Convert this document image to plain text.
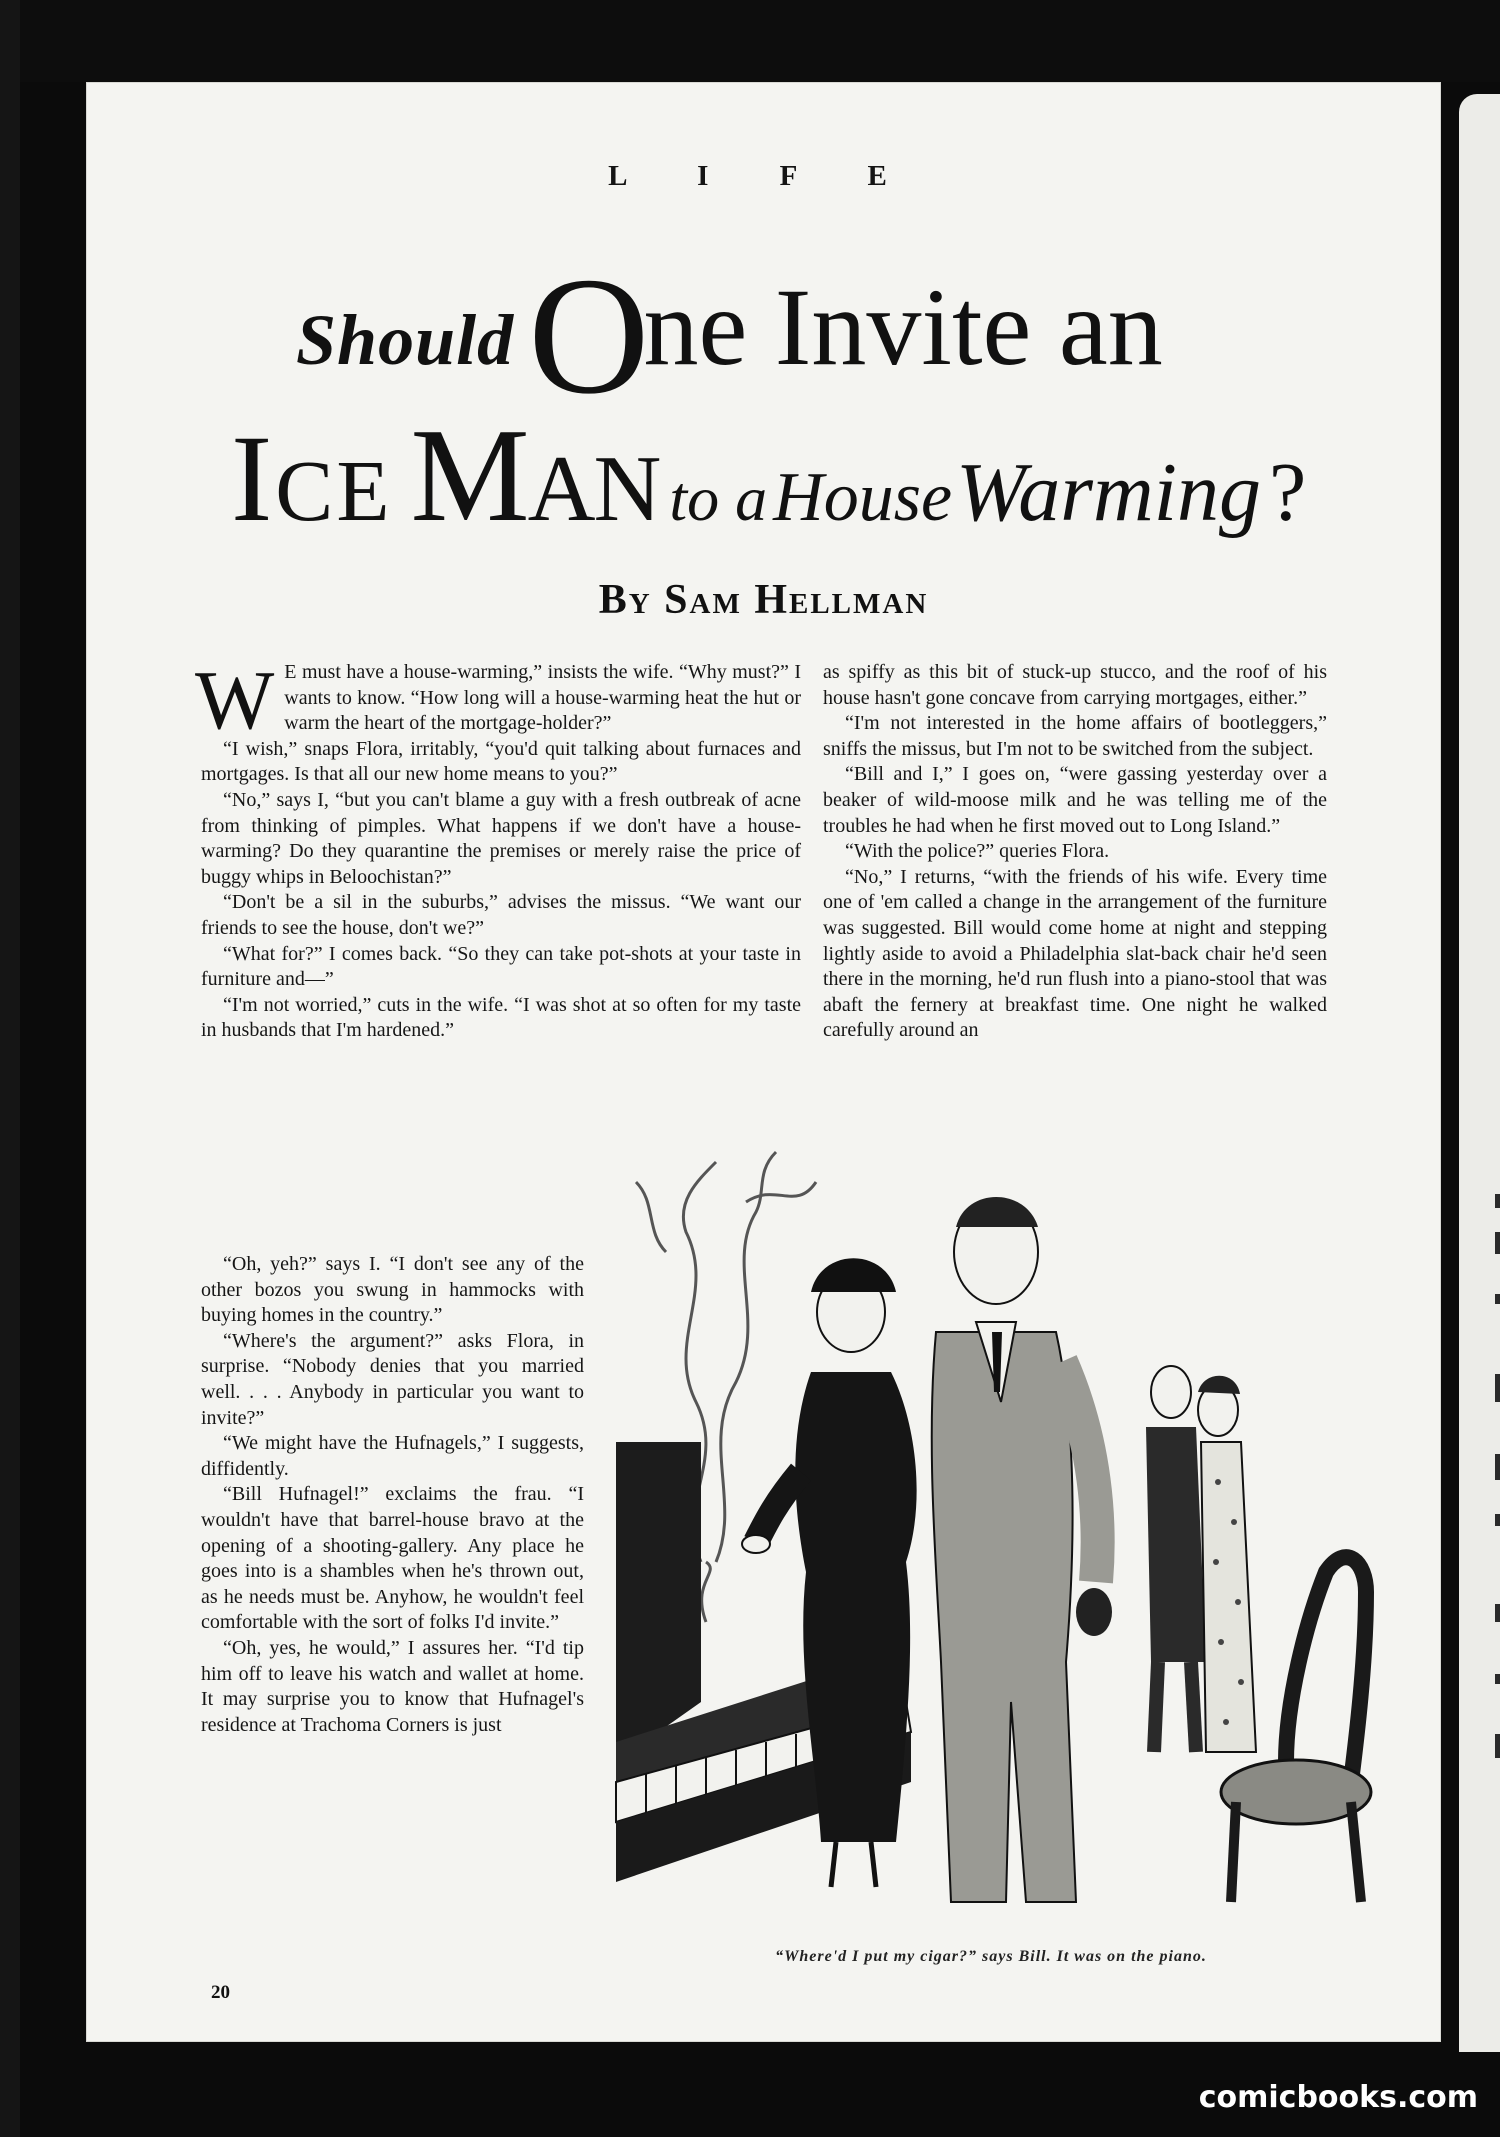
L I F E
ShouldOne Invite an
Ice Man to aHouseWarming?
By Sam Hellman

W E must have a house-warming,” insists the wife. “Why must?” I wants to know. “How long will a house-warming heat the hut or warm the heart of the mortgage-holder?”

“I wish,” snaps Flora, irritably, “you'd quit talking about furnaces and mortgages. Is that all our new home means to you?”

“No,” says I, “but you can't blame a guy with a fresh outbreak of acne from thinking of pimples. What happens if we don't have a house-warming? Do they quarantine the premises or merely raise the price of buggy whips in Beloochistan?”

“Don't be a sil in the suburbs,” advises the missus. “We want our friends to see the house, don't we?”

“What for?” I comes back. “So they can take pot-shots at your taste in furniture and—”

“I'm not worried,” cuts in the wife. “I was shot at so often for my taste in husbands that I'm hardened.”

“Oh, yeh?” says I. “I don't see any of the other bozos you swung in hammocks with buying homes in the country.”

“Where's the argument?” asks Flora, in surprise. “Nobody denies that you married well. . . . Anybody in particular you want to invite?”

“We might have the Hufnagels,” I suggests, diffidently.

“Bill Hufnagel!” exclaims the frau. “I wouldn't have that barrel-house bravo at the opening of a shooting-gallery. Any place he goes into is a shambles when he's thrown out, as he needs must be. Anyhow, he wouldn't feel comfortable with the sort of folks I'd invite.”

“Oh, yes, he would,” I assures her. “I'd tip him off to leave his watch and wallet at home. It may surprise you to know that Hufnagel's residence at Trachoma Corners is just

as spiffy as this bit of stuck-up stucco, and the roof of his house hasn't gone concave from carrying mortgages, either.”

“I'm not interested in the home affairs of bootleggers,” sniffs the missus, but I'm not to be switched from the subject.

“Bill and I,” I goes on, “were gassing yesterday over a beaker of wild-moose milk and he was telling me of the troubles he had when he first moved out to Long Island.”

“With the police?” queries Flora.

“No,” I returns, “with the friends of his wife. Every time one of 'em called a change in the arrangement of the furniture was suggested. Bill would come home at night and stepping lightly aside to avoid a Philadelphia slat-back chair he'd seen there in the morning, he'd run flush into a piano-stool that was abaft the fernery at breakfast time. One night he walked carefully around an

“Where'd I put my cigar?” says Bill. It was on the piano.
20
comicbooks.com
